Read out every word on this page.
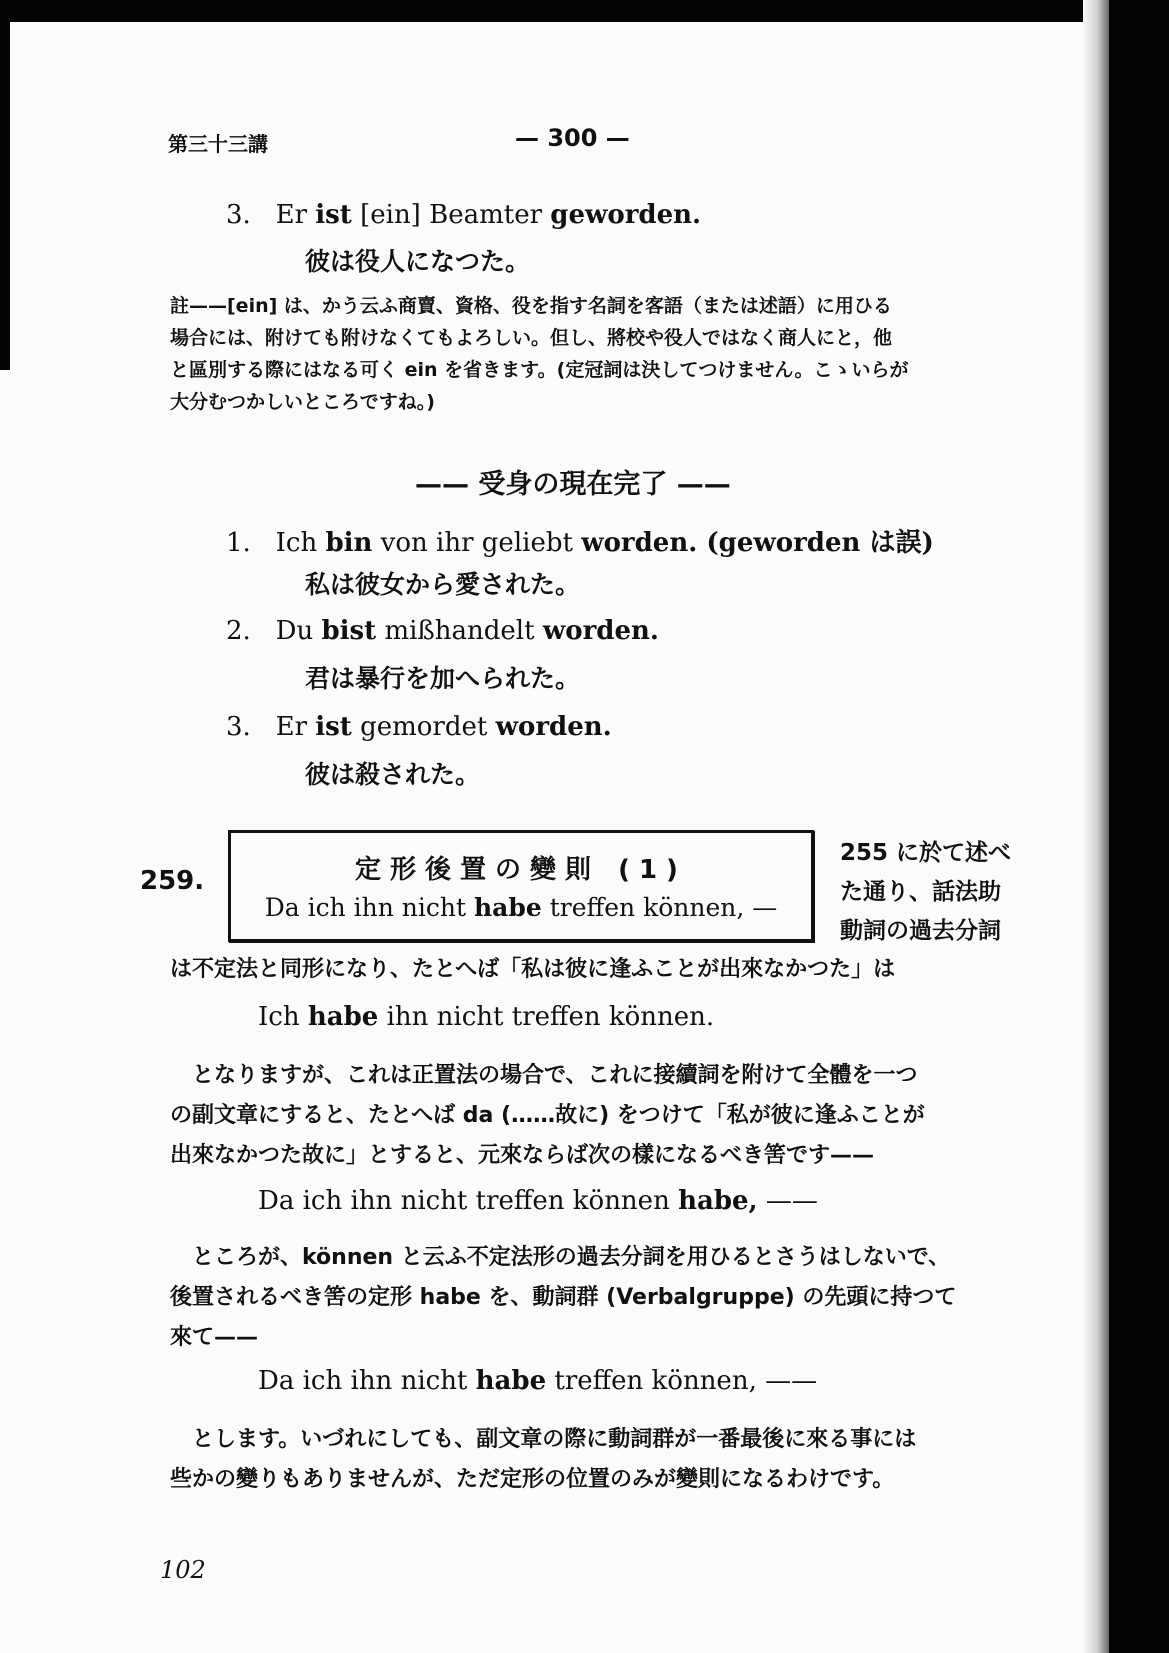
第三十三講	— 300 —
3. Er ist [ein] Beamter geworden.
彼は役人になつた。
註——[ein] は、かう云ふ商賣、資格、役を指す名詞を客語（または述語）に用ひる
場合には、附けても附けなくてもよろしい。但し、將校や役人ではなく商人にと，他
と區別する際にはなる可く ein を省きます。(定冠詞は決してつけません。こゝいらが
大分むつかしいところですね。)
—— 受身の現在完了 ——
1. Ich bin von ihr geliebt worden. (geworden は誤)
私は彼女から愛された。
2. Du bist mißhandelt worden.
君は暴行を加へられた。
3. Er ist gemordet worden.
彼は殺された。
259.	定形後置の變則 (1)
Da ich ihn nicht habe treffen können, —
255 に於て述べ
た通り、話法助
動詞の過去分詞
は不定法と同形になり、たとへば「私は彼に逢ふことが出來なかつた」は
Ich habe ihn nicht treffen können.
となりますが、これは正置法の場合で、これに接續詞を附けて全體を一つ
の副文章にすると、たとへば da (……故に) をつけて「私が彼に逢ふことが
出來なかつた故に」とすると、元來ならば次の樣になるべき筈です——
Da ich ihn nicht treffen können habe, ——
ところが、können と云ふ不定法形の過去分詞を用ひるとさうはしないで、
後置されるべき筈の定形 habe を、動詞群 (Verbalgruppe) の先頭に持つて
來て——
Da ich ihn nicht habe treffen können, ——
とします。いづれにしても、副文章の際に動詞群が一番最後に來る事には
些かの變りもありませんが、ただ定形の位置のみが變則になるわけです。
102
